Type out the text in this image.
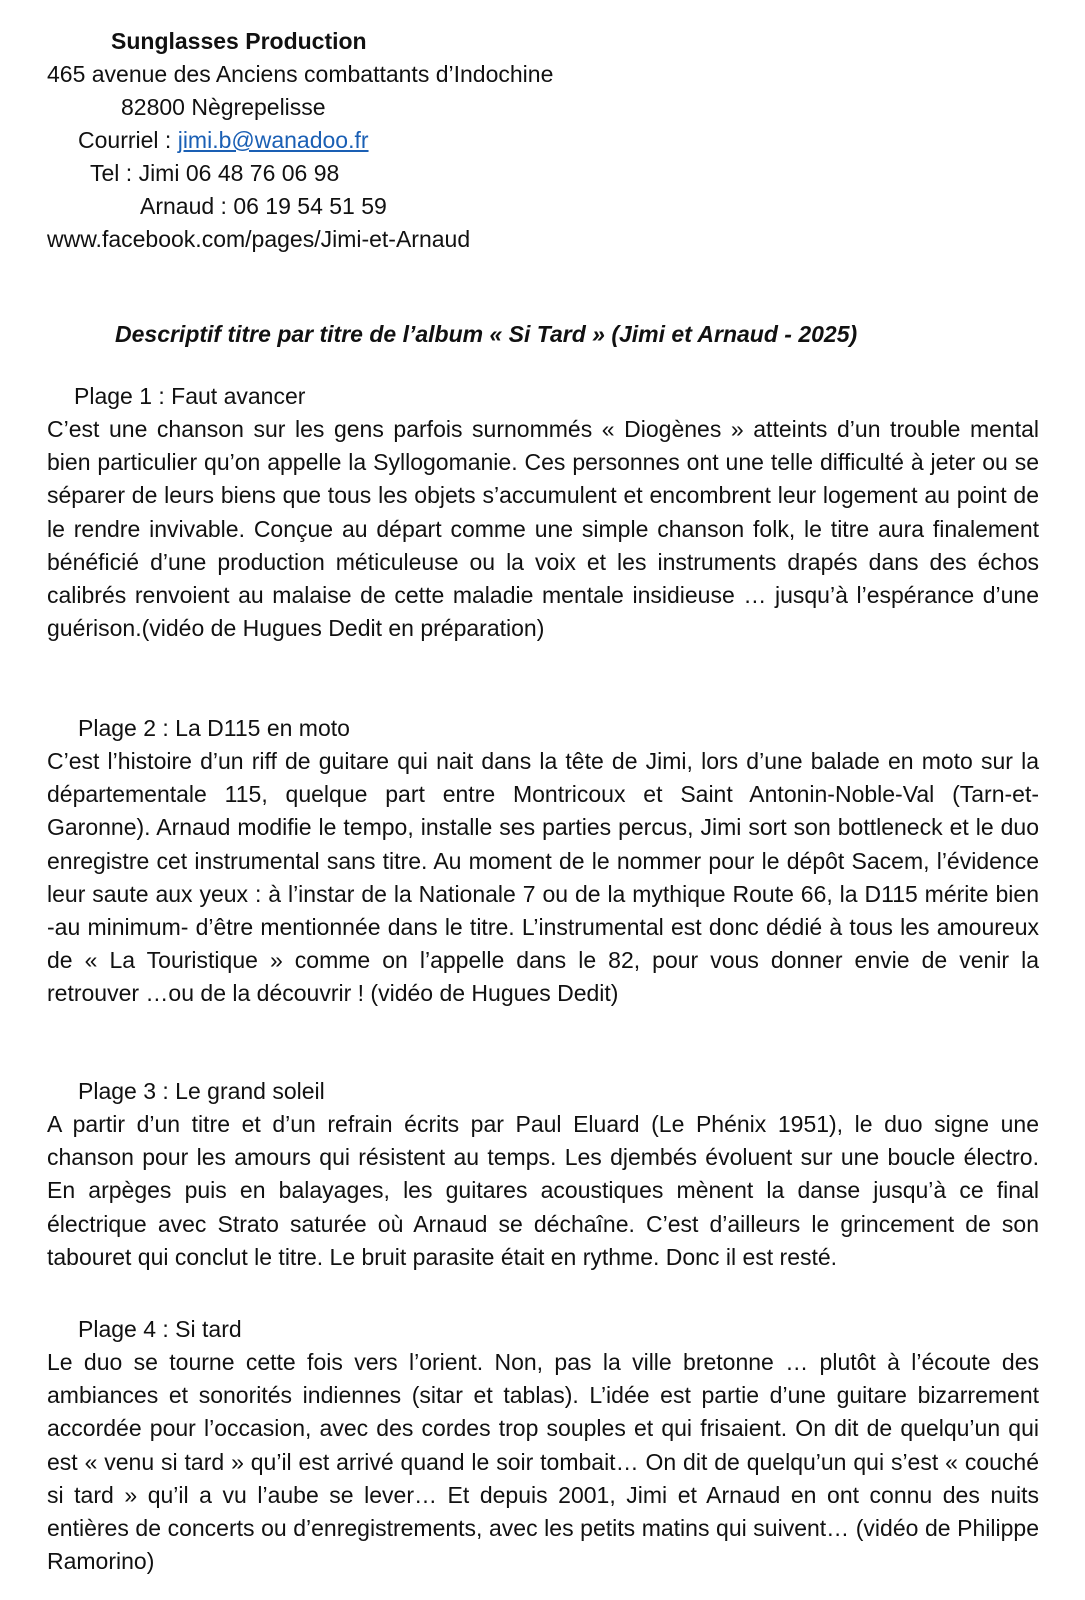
Sunglasses Production
465 avenue des Anciens combattants d’Indochine
82800 Nègrepelisse
Courriel : jimi.b@wanadoo.fr
Tel : Jimi 06 48 76 06 98
Arnaud : 06 19 54 51 59
www.facebook.com/pages/Jimi-et-Arnaud
Descriptif titre par titre de l’album « Si Tard » (Jimi et Arnaud - 2025)
Plage 1 : Faut avancer
C’est une chanson sur les gens parfois surnommés « Diogènes » atteints d’un trouble mental bien particulier qu’on appelle la Syllogomanie. Ces personnes ont une telle difficulté à jeter ou se séparer de leurs biens que tous les objets s’accumulent et encombrent leur logement au point de le rendre invivable. Conçue au départ comme une simple chanson folk, le titre aura finalement bénéficié d’une production méticuleuse ou la voix et les instruments drapés dans des échos calibrés renvoient au malaise de cette maladie mentale insidieuse … jusqu’à l’espérance d’une guérison.(vidéo de Hugues Dedit en préparation)
Plage 2 : La D115 en moto
C’est l’histoire d’un riff de guitare qui nait dans la tête de Jimi, lors d’une balade en moto sur la départementale 115, quelque part entre Montricoux et Saint Antonin-Noble-Val (Tarn-et-Garonne). Arnaud modifie le tempo, installe ses parties percus, Jimi sort son bottleneck et le duo enregistre cet instrumental sans titre. Au moment de le nommer pour le dépôt Sacem, l’évidence leur saute aux yeux : à l’instar de la Nationale 7 ou de la mythique Route 66, la D115 mérite bien -au minimum- d’être mentionnée dans le titre. L’instrumental est donc dédié à tous les amoureux de « La Touristique » comme on l’appelle dans le 82, pour vous donner envie de venir la retrouver …ou de la découvrir ! (vidéo de Hugues Dedit)
Plage 3 : Le grand soleil
A partir d’un titre et d’un refrain écrits par Paul Eluard (Le Phénix 1951), le duo signe une chanson pour les amours qui résistent au temps. Les djembés évoluent sur une boucle électro. En arpèges puis en balayages, les guitares acoustiques mènent la danse jusqu’à ce final électrique avec Strato saturée où Arnaud se déchaîne. C’est d’ailleurs le grincement de son tabouret qui conclut le titre. Le bruit parasite était en rythme. Donc il est resté.
Plage 4 : Si tard
Le duo se tourne cette fois vers l’orient. Non, pas la ville bretonne … plutôt à l’écoute des ambiances et sonorités indiennes (sitar et tablas). L’idée est partie d’une guitare bizarrement accordée pour l’occasion, avec des cordes trop souples et qui frisaient. On dit de quelqu’un qui est « venu si tard » qu’il est arrivé quand le soir tombait… On dit de quelqu’un qui s’est « couché si tard » qu’il a vu l’aube se lever… Et depuis 2001, Jimi et Arnaud en ont connu des nuits entières de concerts ou d’enregistrements, avec les petits matins qui suivent… (vidéo de Philippe Ramorino)
